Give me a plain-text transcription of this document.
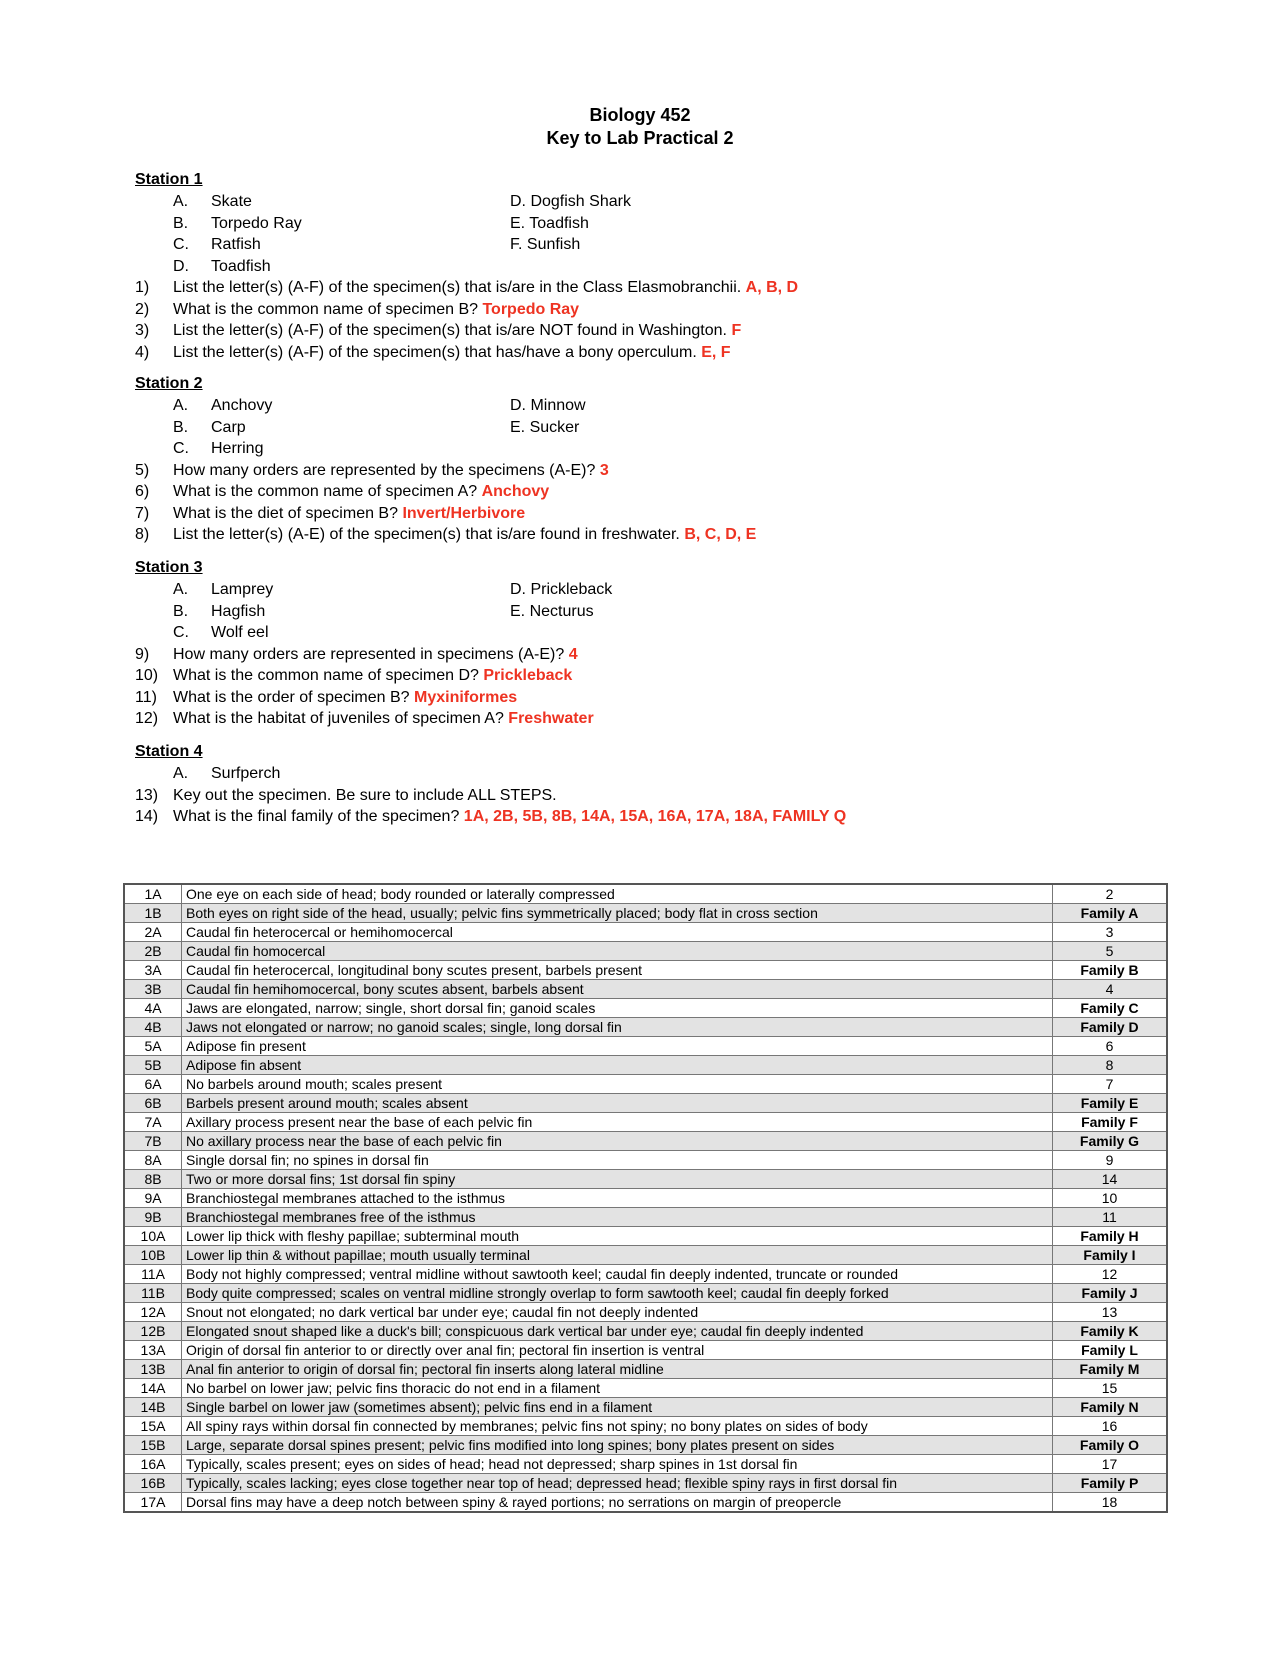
Biology 452
Key to Lab Practical 2
Station 1
A. Skate	D. Dogfish Shark
B. Torpedo Ray	E. Toadfish
C. Ratfish	F. Sunfish
D. Toadfish
1) List the letter(s) (A-F) of the specimen(s) that is/are in the Class Elasmobranchii. A, B, D
2) What is the common name of specimen B? Torpedo Ray
3) List the letter(s) (A-F) of the specimen(s) that is/are NOT found in Washington. F
4) List the letter(s) (A-F) of the specimen(s) that has/have a bony operculum. E, F
Station 2
A. Anchovy	D. Minnow
B. Carp	E. Sucker
C. Herring
5) How many orders are represented by the specimens (A-E)? 3
6) What is the common name of specimen A? Anchovy
7) What is the diet of specimen B? Invert/Herbivore
8) List the letter(s) (A-E) of the specimen(s) that is/are found in freshwater. B, C, D, E
Station 3
A. Lamprey	D. Prickleback
B. Hagfish	E. Necturus
C. Wolf eel
9) How many orders are represented in specimens (A-E)? 4
10) What is the common name of specimen D? Prickleback
11) What is the order of specimen B? Myxiniformes
12) What is the habitat of juveniles of specimen A? Freshwater
Station 4
A. Surfperch
13) Key out the specimen. Be sure to include ALL STEPS.
14) What is the final family of the specimen? 1A, 2B, 5B, 8B, 14A, 15A, 16A, 17A, 18A, FAMILY Q
1A	One eye on each side of head; body rounded or laterally compressed	2
1B	Both eyes on right side of the head, usually; pelvic fins symmetrically placed; body flat in cross section	Family A
2A	Caudal fin heterocercal or hemihomocercal	3
2B	Caudal fin homocercal	5
3A	Caudal fin heterocercal, longitudinal bony scutes present, barbels present	Family B
3B	Caudal fin hemihomocercal, bony scutes absent, barbels absent	4
4A	Jaws are elongated, narrow; single, short dorsal fin; ganoid scales	Family C
4B	Jaws not elongated or narrow; no ganoid scales; single, long dorsal fin	Family D
5A	Adipose fin present	6
5B	Adipose fin absent	8
6A	No barbels around mouth; scales present	7
6B	Barbels present around mouth; scales absent	Family E
7A	Axillary process present near the base of each pelvic fin	Family F
7B	No axillary process near the base of each pelvic fin	Family G
8A	Single dorsal fin; no spines in dorsal fin	9
8B	Two or more dorsal fins; 1st dorsal fin spiny	14
9A	Branchiostegal membranes attached to the isthmus	10
9B	Branchiostegal membranes free of the isthmus	11
10A	Lower lip thick with fleshy papillae; subterminal mouth	Family H
10B	Lower lip thin & without papillae; mouth usually terminal	Family I
11A	Body not highly compressed; ventral midline without sawtooth keel; caudal fin deeply indented, truncate or rounded	12
11B	Body quite compressed; scales on ventral midline strongly overlap to form sawtooth keel; caudal fin deeply forked	Family J
12A	Snout not elongated; no dark vertical bar under eye; caudal fin not deeply indented	13
12B	Elongated snout shaped like a duck's bill; conspicuous dark vertical bar under eye; caudal fin deeply indented	Family K
13A	Origin of dorsal fin anterior to or directly over anal fin; pectoral fin insertion is ventral	Family L
13B	Anal fin anterior to origin of dorsal fin; pectoral fin inserts along lateral midline	Family M
14A	No barbel on lower jaw; pelvic fins thoracic do not end in a filament	15
14B	Single barbel on lower jaw (sometimes absent); pelvic fins end in a filament	Family N
15A	All spiny rays within dorsal fin connected by membranes; pelvic fins not spiny; no bony plates on sides of body	16
15B	Large, separate dorsal spines present; pelvic fins modified into long spines; bony plates present on sides	Family O
16A	Typically, scales present; eyes on sides of head; head not depressed; sharp spines in 1st dorsal fin	17
16B	Typically, scales lacking; eyes close together near top of head; depressed head; flexible spiny rays in first dorsal fin	Family P
17A	Dorsal fins may have a deep notch between spiny & rayed portions; no serrations on margin of preopercle	18
